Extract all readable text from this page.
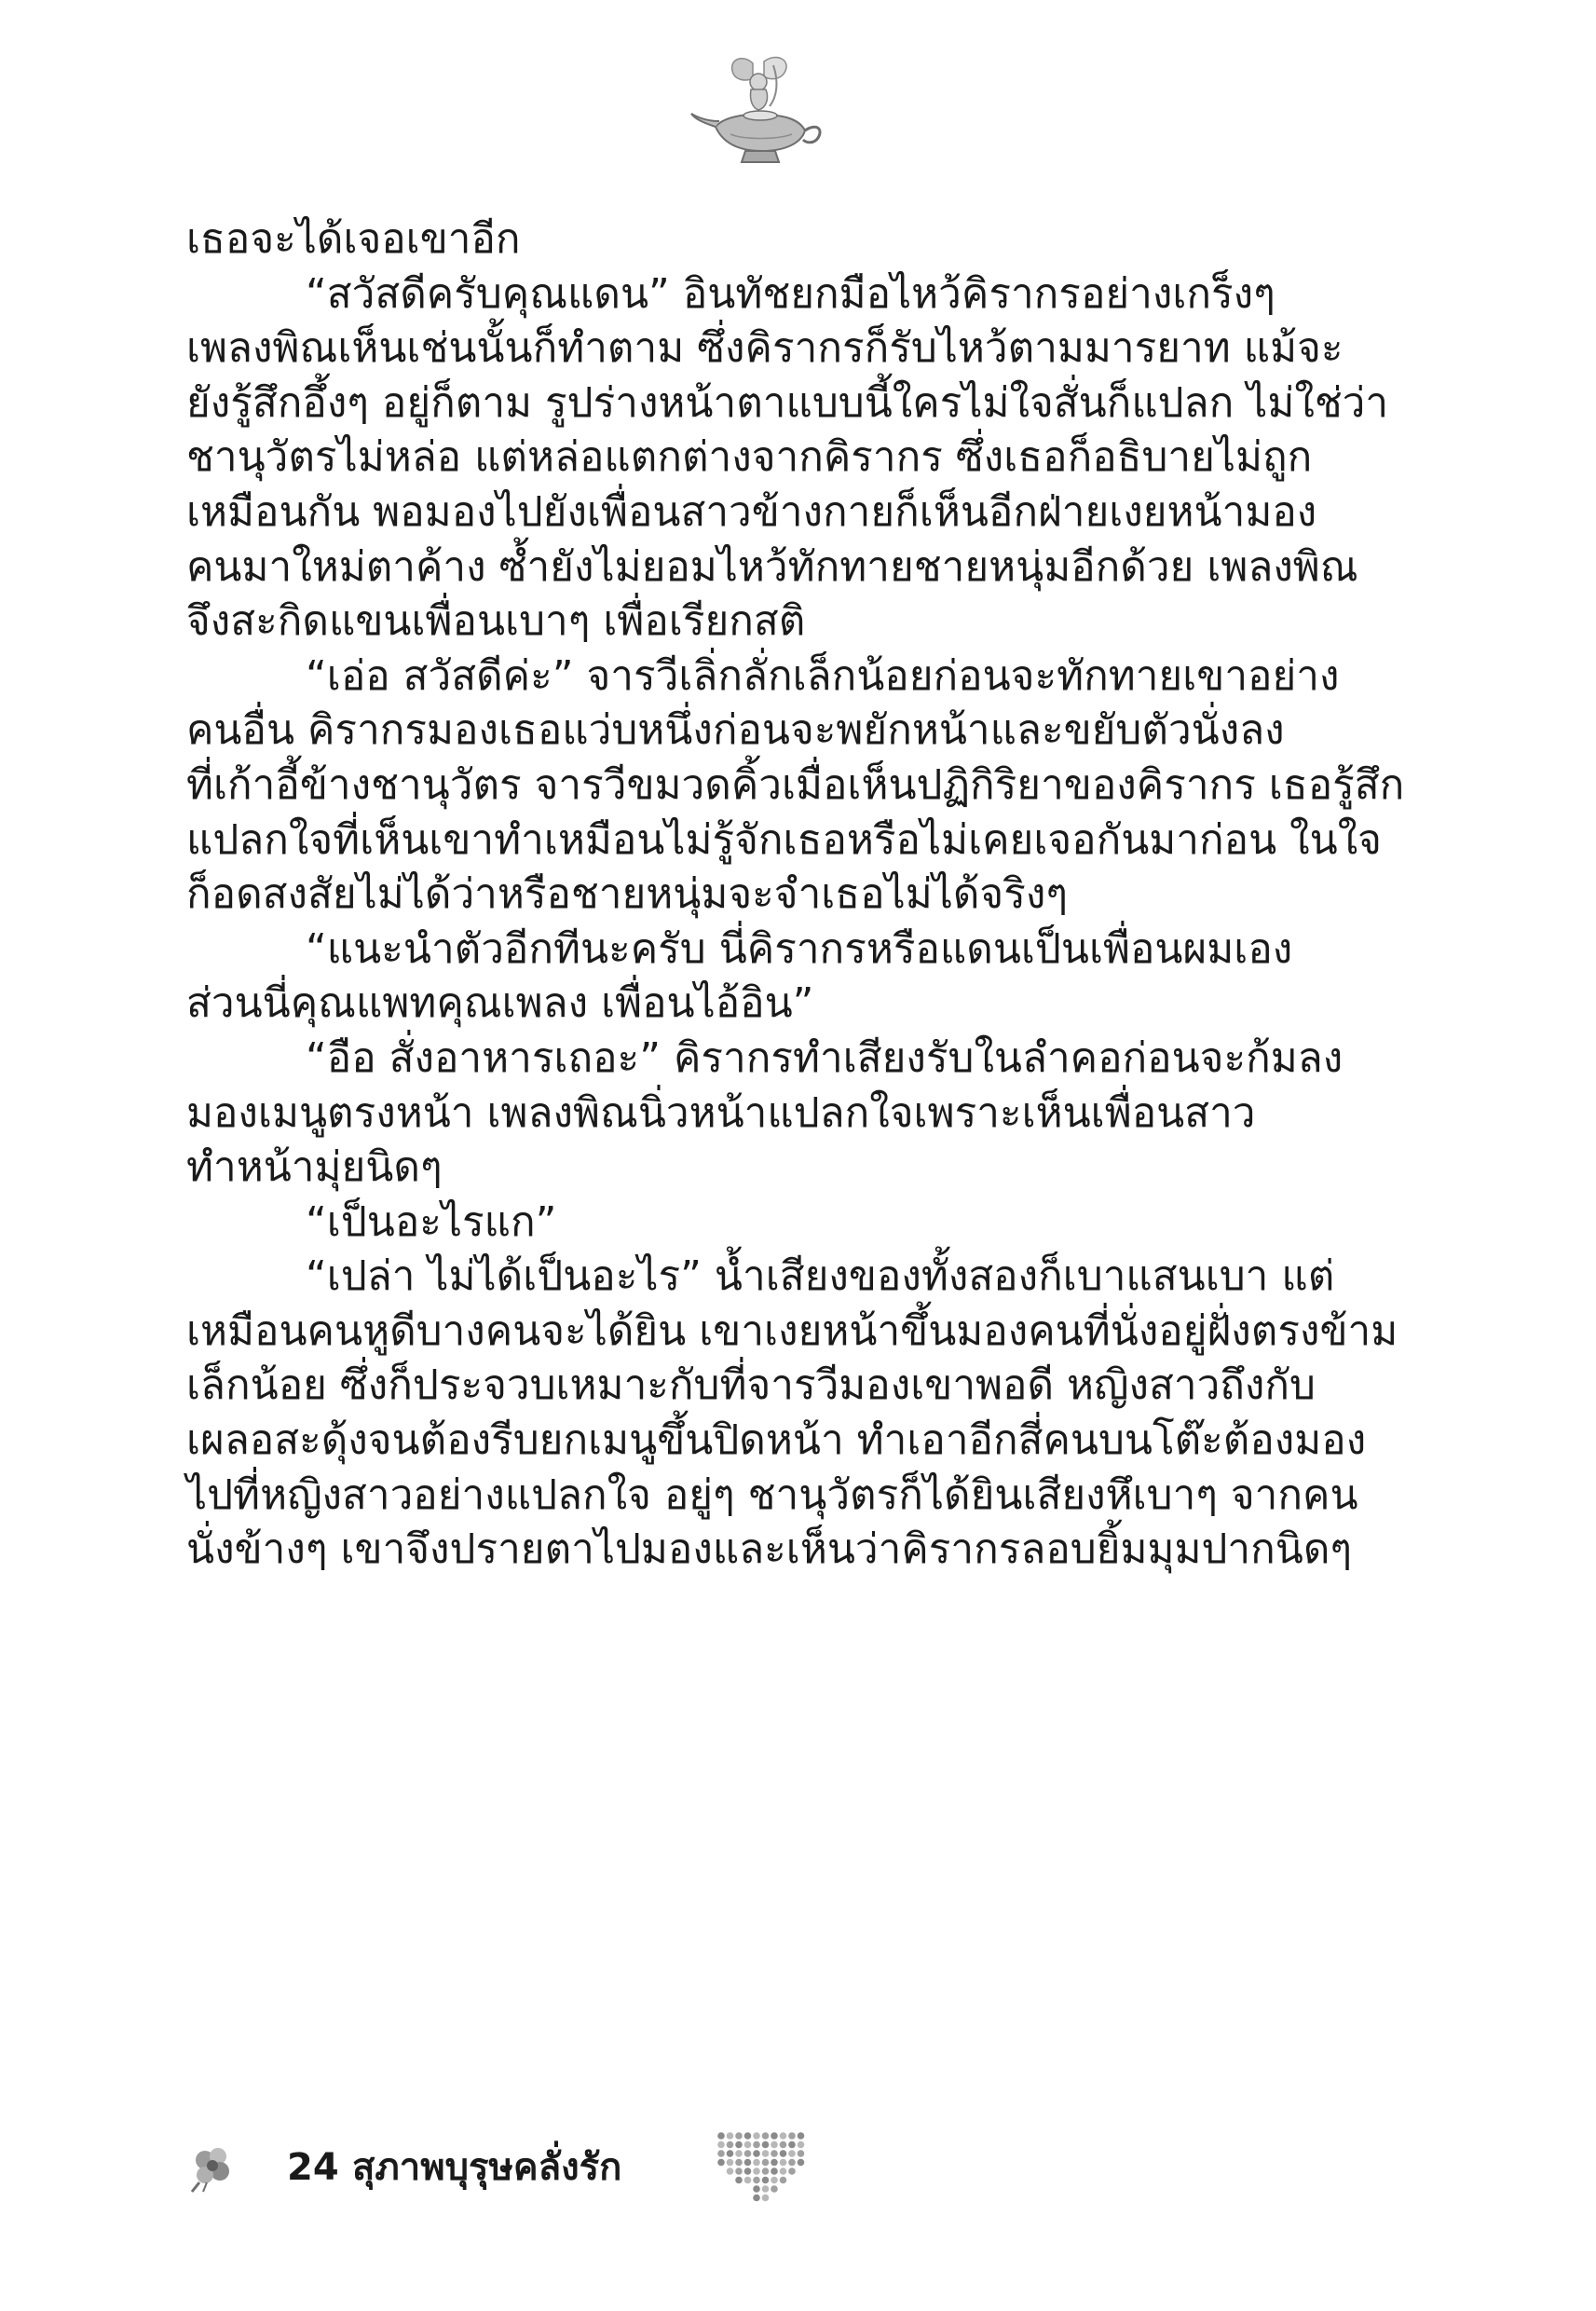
เธอจะได้เจอเขาอีก
“สวัสดีครับคุณแดน” อินทัชยกมือไหว้คิรากรอย่างเกร็งๆ
เพลงพิณเห็นเช่นนั้นก็ทำตาม ซึ่งคิรากรก็รับไหว้ตามมารยาท แม้จะ
ยังรู้สึกอึ้งๆ อยู่ก็ตาม รูปร่างหน้าตาแบบนี้ใครไม่ใจสั่นก็แปลก ไม่ใช่ว่า
ชานุวัตรไม่หล่อ แต่หล่อแตกต่างจากคิรากร ซึ่งเธอก็อธิบายไม่ถูก
เหมือนกัน พอมองไปยังเพื่อนสาวข้างกายก็เห็นอีกฝ่ายเงยหน้ามอง
คนมาใหม่ตาค้าง ซ้ำยังไม่ยอมไหว้ทักทายชายหนุ่มอีกด้วย เพลงพิณ
จึงสะกิดแขนเพื่อนเบาๆ เพื่อเรียกสติ
“เอ่อ สวัสดีค่ะ” จารวีเลิ่กลั่กเล็กน้อยก่อนจะทักทายเขาอย่าง
คนอื่น คิรากรมองเธอแว่บหนึ่งก่อนจะพยักหน้าและขยับตัวนั่งลง
ที่เก้าอี้ข้างชานุวัตร จารวีขมวดคิ้วเมื่อเห็นปฏิกิริยาของคิรากร เธอรู้สึก
แปลกใจที่เห็นเขาทำเหมือนไม่รู้จักเธอหรือไม่เคยเจอกันมาก่อน ในใจ
ก็อดสงสัยไม่ได้ว่าหรือชายหนุ่มจะจำเธอไม่ได้จริงๆ
“แนะนำตัวอีกทีนะครับ นี่คิรากรหรือแดนเป็นเพื่อนผมเอง
ส่วนนี่คุณแพทคุณเพลง เพื่อนไอ้อิน”
“อือ สั่งอาหารเถอะ” คิรากรทำเสียงรับในลำคอก่อนจะก้มลง
มองเมนูตรงหน้า เพลงพิณนิ่วหน้าแปลกใจเพราะเห็นเพื่อนสาว
ทำหน้ามุ่ยนิดๆ
“เป็นอะไรแก”
“เปล่า ไม่ได้เป็นอะไร” น้ำเสียงของทั้งสองก็เบาแสนเบา แต่
เหมือนคนหูดีบางคนจะได้ยิน เขาเงยหน้าขึ้นมองคนที่นั่งอยู่ฝั่งตรงข้าม
เล็กน้อย ซึ่งก็ประจวบเหมาะกับที่จารวีมองเขาพอดี หญิงสาวถึงกับ
เผลอสะดุ้งจนต้องรีบยกเมนูขึ้นปิดหน้า ทำเอาอีกสี่คนบนโต๊ะต้องมอง
ไปที่หญิงสาวอย่างแปลกใจ อยู่ๆ ชานุวัตรก็ได้ยินเสียงหึเบาๆ จากคน
นั่งข้างๆ เขาจึงปรายตาไปมองและเห็นว่าคิรากรลอบยิ้มมุมปากนิดๆ
24 สุภาพบุรุษคลั่งรัก
